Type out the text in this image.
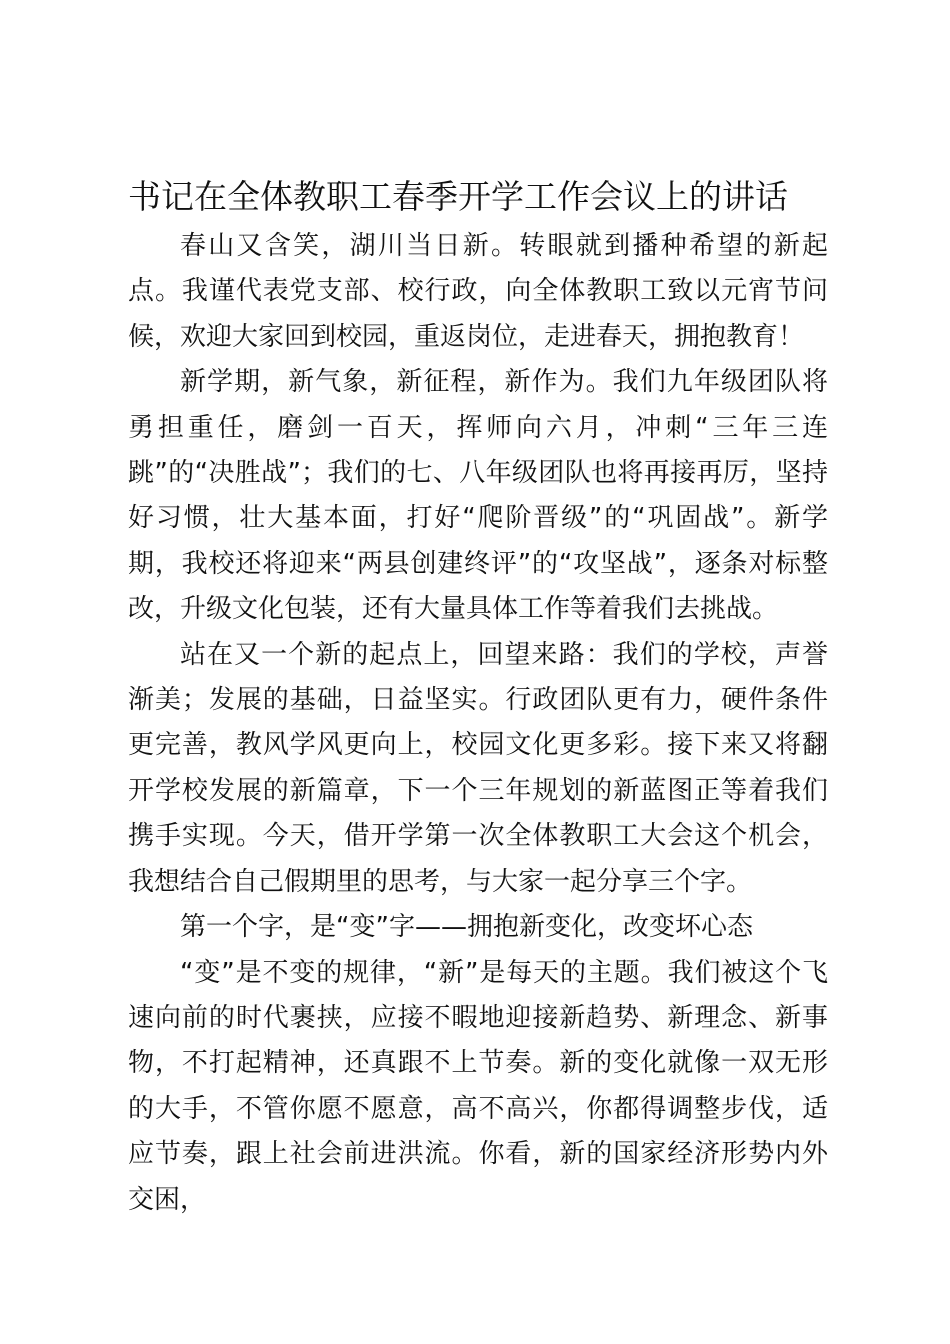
书记在全体教职工春季开学工作会议上的讲话

春山又含笑，湖川当日新。转眼就到播种希望的新起点。我谨代表党支部、校行政，向全体教职工致以元宵节问候，欢迎大家回到校园，重返岗位，走进春天，拥抱教育！

新学期，新气象，新征程，新作为。我们九年级团队将勇担重任，磨剑一百天，挥师向六月，冲刺“三年三连跳”的“决胜战”；我们的七、八年级团队也将再接再厉，坚持好习惯，壮大基本面，打好“爬阶晋级”的“巩固战”。新学期，我校还将迎来“两县创建终评”的“攻坚战”，逐条对标整改，升级文化包装，还有大量具体工作等着我们去挑战。

站在又一个新的起点上，回望来路：我们的学校，声誉渐美；发展的基础，日益坚实。行政团队更有力，硬件条件更完善，教风学风更向上，校园文化更多彩。接下来又将翻开学校发展的新篇章，下一个三年规划的新蓝图正等着我们携手实现。今天，借开学第一次全体教职工大会这个机会，我想结合自己假期里的思考，与大家一起分享三个字。

第一个字，是“变”字——拥抱新变化，改变坏心态

“变”是不变的规律，“新”是每天的主题。我们被这个飞速向前的时代裹挟，应接不暇地迎接新趋势、新理念、新事物，不打起精神，还真跟不上节奏。新的变化就像一双无形的大手，不管你愿不愿意，高不高兴，你都得调整步伐，适应节奏，跟上社会前进洪流。你看，新的国家经济形势内外交困，
